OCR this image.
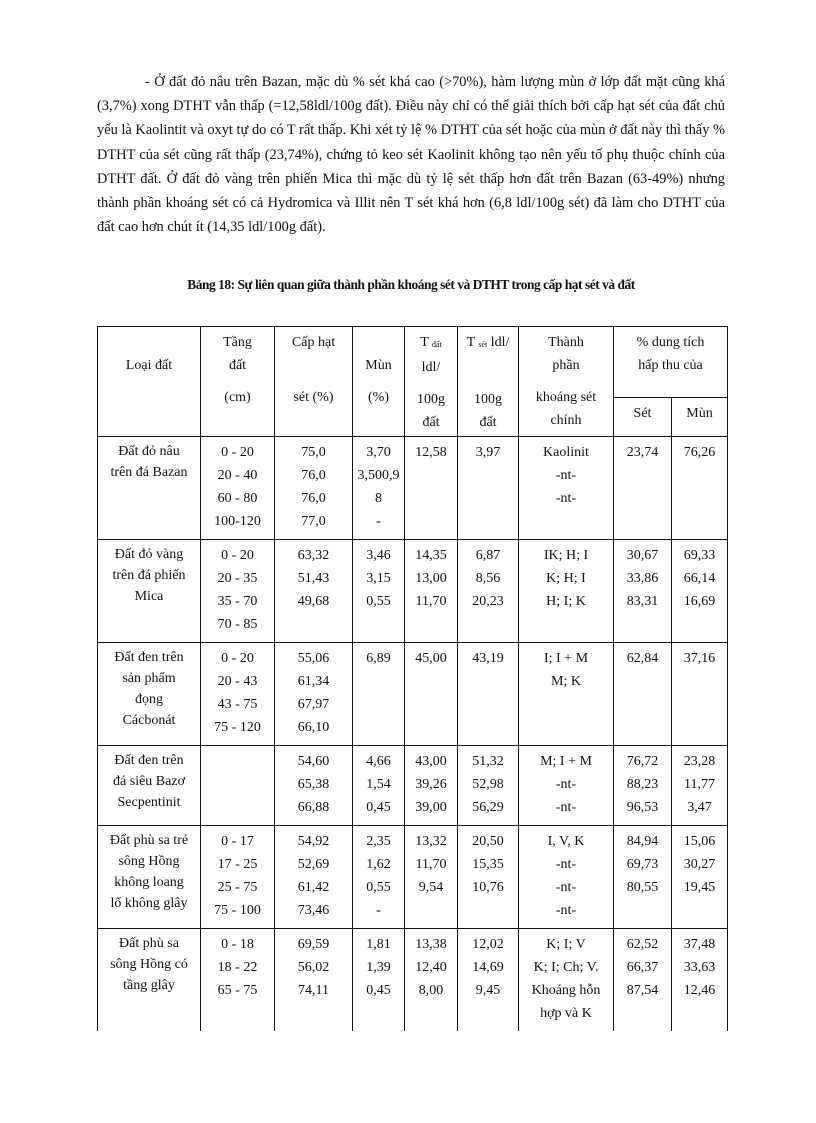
- Ở đất đỏ nâu trên Bazan, mặc dù % sét khá cao (>70%), hàm lượng mùn ở lớp đất mặt cũng khá (3,7%) xong DTHT vẫn thấp (=12,58ldl/100g đất). Điều này chỉ có thể giải thích bởi cấp hạt sét của đất chủ yếu là Kaolintit và oxyt tự do có T rất thấp. Khi xét tỷ lệ % DTHT của sét hoặc của mùn ở đất này thì thấy % DTHT của sét cũng rất thấp (23,74%), chứng tỏ keo sét Kaolinit không tạo nên yếu tố phụ thuộc chính của DTHT đất. Ở đất đỏ vàng trên phiến Mica thì mặc dù tỷ lệ sét thấp hơn đất trên Bazan (63-49%) nhưng thành phần khoáng sét có cả Hydromica và Illit nên T sét khá hơn (6,8 ldl/100g sét) đã làm cho DTHT của đất cao hơn chút ít (14,35 ldl/100g đất).

Bảng 18: Sự liên quan giữa thành phần khoáng sét và DTHT trong cấp hạt sét và đất

Loại đất	Tầng
đất
(cm)	Cấp hạt

sét (%)	Mùn
(%)	T đất
ldl/
100g
đất	T sét ldl/

100g
đất	Thành
phần
khoáng sét
chính	% dung tích
hấp thu của	

							Sét	Mùn

Đất đỏ nâu
trên đá Bazan	0 - 20
20 - 40
60 - 80
100-120	75,0
76,0
76,0
77,0	3,70
3,500,9
8
-	12,58	3,97	Kaolinit
-nt-
-nt-	23,74	76,26

Đất đỏ vàng
trên đá phiến
Mica	0 - 20
20 - 35
35 - 70
70 - 85	63,32
51,43
49,68	3,46
3,15
0,55	14,35
13,00
11,70	6,87
8,56
20,23	IK; H; I
K; H; I
H; I; K	30,67
33,86
83,31	69,33
66,14
16,69

Đất đen trên
sản phẩm
đọng
Cácbonát	0 - 20
20 - 43
43 - 75
75 - 120	55,06
61,34
67,97
66,10	6,89	45,00	43,19	I; I + M
M; K	62,84	37,16

Đất đen trên
đá siêu Bazơ
Secpentinit		54,60
65,38
66,88	4,66
1,54
0,45	43,00
39,26
39,00	51,32
52,98
56,29	M; I + M
-nt-
-nt-	76,72
88,23
96,53	23,28
11,77
3,47

Đất phù sa trẻ
sông Hồng
không loang
lổ không glây	0 - 17
17 - 25
25 - 75
75 - 100	54,92
52,69
61,42
73,46	2,35
1,62
0,55
-	13,32
11,70
9,54	20,50
15,35
10,76	I, V, K
-nt-
-nt-
-nt-	84,94
69,73
80,55	15,06
30,27
19,45

Đất phù sa
sông Hồng có
tầng glây	0 - 18
18 - 22
65 - 75	69,59
56,02
74,11	1,81
1,39
0,45	13,38
12,40
8,00	12,02
14,69
9,45	K; I; V
K; I; Ch; V.
Khoáng hỗn
hợp và K	62,52
66,37
87,54	37,48
33,63
12,46
